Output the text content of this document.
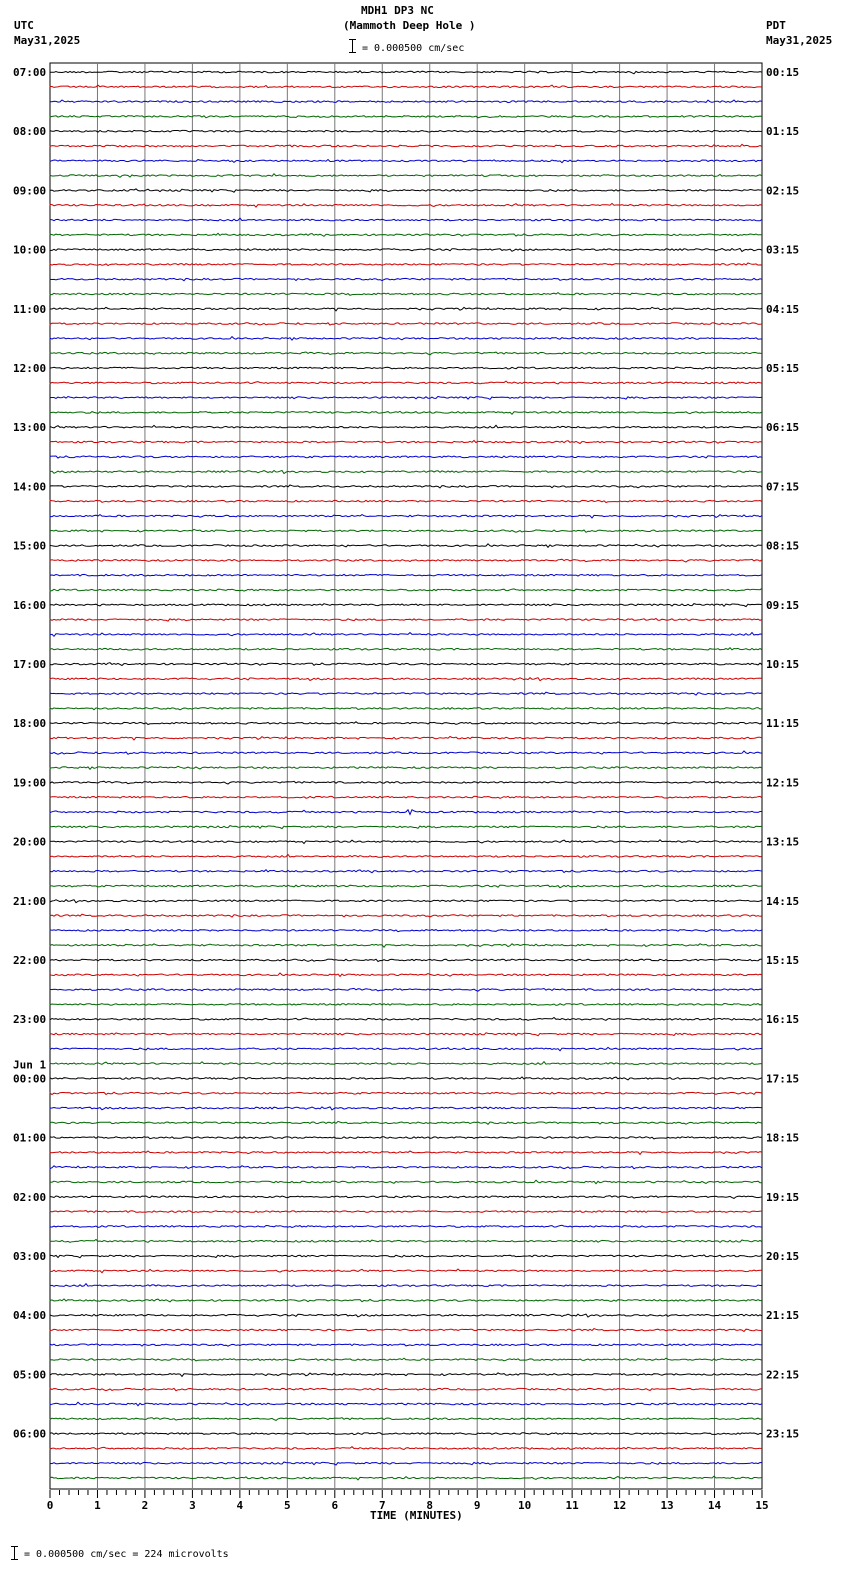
MDH1 DP3 NC
(Mammoth Deep Hole )
= 0.000500 cm/sec
UTC
May31,2025
PDT
May31,2025
07:00	00:15
08:00	01:15
09:00	02:15
10:00	03:15
11:00	04:15
12:00	05:15
13:00	06:15
14:00	07:15
15:00	08:15
16:00	09:15
17:00	10:15
18:00	11:15
19:00	12:15
20:00	13:15
21:00	14:15
22:00	15:15
23:00	16:15
00:00	17:15
Jun 1
01:00	18:15
02:00	19:15
03:00	20:15
04:00	21:15
05:00	22:15
06:00	23:15
0	1	2	3	4	5	6	7	8	9	10	11	12	13	14	15
TIME (MINUTES)
= 0.000500 cm/sec = 224 microvolts
